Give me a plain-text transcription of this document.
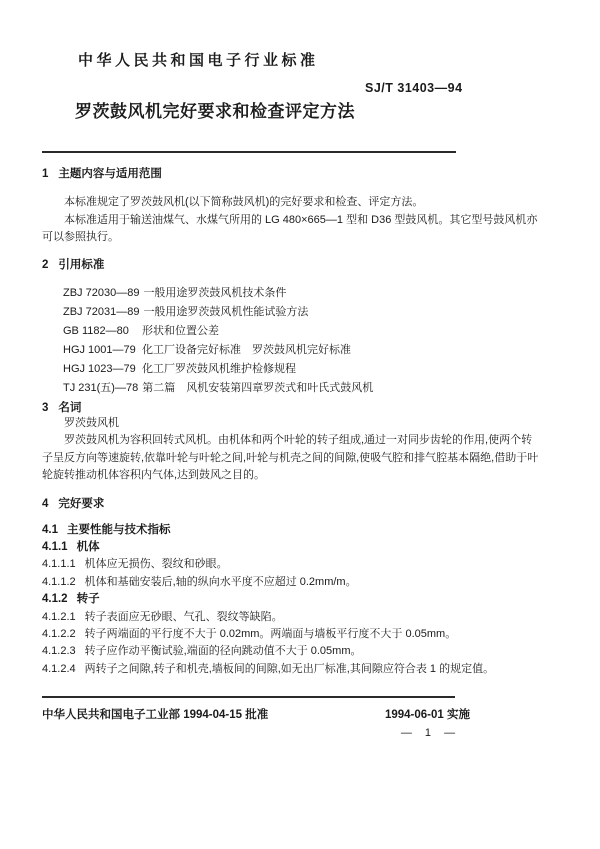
中华人民共和国电子行业标准
SJ/T 31403—94
罗茨鼓风机完好要求和检查评定方法

1 主题内容与适用范围

本标准规定了罗茨鼓风机(以下简称鼓风机)的完好要求和检查、评定方法。

本标准适用于输送油煤气、水煤气所用的 LG 480×665—1 型和 D36 型鼓风机。其它型号鼓风机亦可以参照执行。

2 引用标准

ZBJ 72030—89 一般用途罗茨鼓风机技术条件
ZBJ 72031—89 一般用途罗茨鼓风机性能试验方法
GB 1182—80	形状和位置公差
HGJ 1001—79 化工厂设备完好标准　罗茨鼓风机完好标准
HGJ 1023—79 化工厂罗茨鼓风机维护检修规程
TJ 231(五)—78 第二篇　风机安装第四章罗茨式和叶氏式鼓风机

3 名词

罗茨鼓风机

罗茨鼓风机为容积回转式风机。由机体和两个叶轮的转子组成,通过一对同步齿轮的作用,使两个转子呈反方向等速旋转,依靠叶轮与叶轮之间,叶轮与机壳之间的间隙,使吸气腔和排气腔基本隔绝,借助于叶轮旋转推动机体容积内气体,达到鼓风之目的。

4 完好要求

4.1 主要性能与技术指标

4.1.1 机体

4.1.1.1 机体应无损伤、裂纹和砂眼。

4.1.1.2 机体和基础安装后,轴的纵向水平度不应超过 0.2mm/m。

4.1.2 转子

4.1.2.1 转子表面应无砂眼、气孔、裂纹等缺陷。

4.1.2.2 转子两端面的平行度不大于 0.02mm。两端面与墙板平行度不大于 0.05mm。

4.1.2.3 转子应作动平衡试验,端面的径向跳动值不大于 0.05mm。

4.1.2.4 两转子之间隙,转子和机壳,墙板间的间隙,如无出厂标准,其间隙应符合表 1 的规定值。

中华人民共和国电子工业部 1994-04-15 批准	1994-06-01 实施
— 1 —
